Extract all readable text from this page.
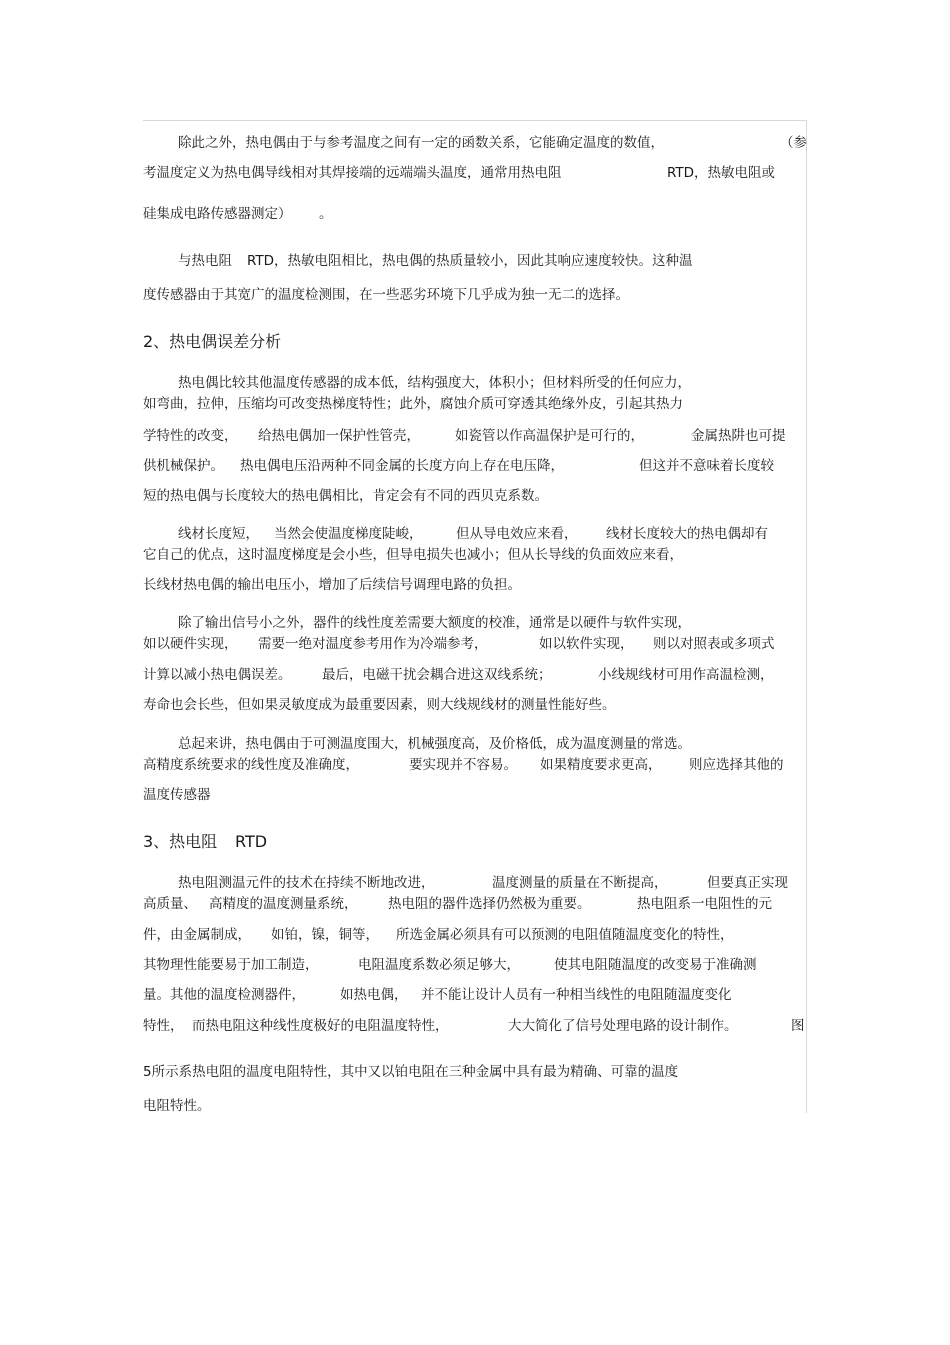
除此之外，热电偶由于与参考温度之间有一定的函数关系，它能确定温度的数值，	（参
考温度定义为热电偶导线相对其焊接端的远端端头温度，通常用热电阻	RTD，热敏电阻或
硅集成电路传感器测定） 。
与热电阻 RTD，热敏电阻相比，热电偶的热质量较小，因此其响应速度较快。这种温
度传感器由于其宽广的温度检测围，在一些恶劣环境下几乎成为独一无二的选择。
2、热电偶误差分析
热电偶比较其他温度传感器的成本低，结构强度大，体积小；但材料所受的任何应力，
如弯曲，拉伸，压缩均可改变热梯度特性；此外，腐蚀介质可穿透其绝缘外皮，引起其热力
学特性的改变， 给热电偶加一保护性管壳，	如瓷管以作高温保护是可行的，	金属热阱也可提
供机械保护。 热电偶电压沿两种不同金属的长度方向上存在电压降，	但这并不意味着长度较
短的热电偶与长度较大的热电偶相比，肯定会有不同的西贝克系数。
线材长度短， 当然会使温度梯度陡峻， 但从导电效应来看， 线材长度较大的热电偶却有
它自己的优点，这时温度梯度是会小些，但导电损失也减小；但从长导线的负面效应来看，
长线材热电偶的输出电压小，增加了后续信号调理电路的负担。
除了输出信号小之外，器件的线性度差需要大额度的校准，通常是以硬件与软件实现，
如以硬件实现， 需要一绝对温度参考用作为冷端参考，	如以软件实现， 则以对照表或多项式
计算以减小热电偶误差。 最后，电磁干扰会耦合进这双线系统；	小线规线材可用作高温检测，
寿命也会长些，但如果灵敏度成为最重要因素，则大线规线材的测量性能好些。
总起来讲，热电偶由于可测温度围大，机械强度高，及价格低，成为温度测量的常选。
高精度系统要求的线性度及准确度，	要实现并不容易。 如果精度要求更高， 则应选择其他的
温度传感器
3、热电阻 RTD
热电阻测温元件的技术在持续不断地改进，	温度测量的质量在不断提高，	但要真正实现
高质量、 高精度的温度测量系统， 热电阻的器件选择仍然极为重要。	热电阻系一电阻性的元
件，由金属制成， 如铂，镍，铜等， 所选金属必须具有可以预测的电阻值随温度变化的特性，
其物理性能要易于加工制造，	电阻温度系数必须足够大，	使其电阻随温度的改变易于准确测
量。其他的温度检测器件，	如热电偶， 并不能让设计人员有一种相当线性的电阻随温度变化
特性， 而热电阻这种线性度极好的电阻温度特性，	大大简化了信号处理电路的设计制作。	图
5所示系热电阻的温度电阻特性，其中又以铂电阻在三种金属中具有最为精确、可靠的温度
电阻特性。
